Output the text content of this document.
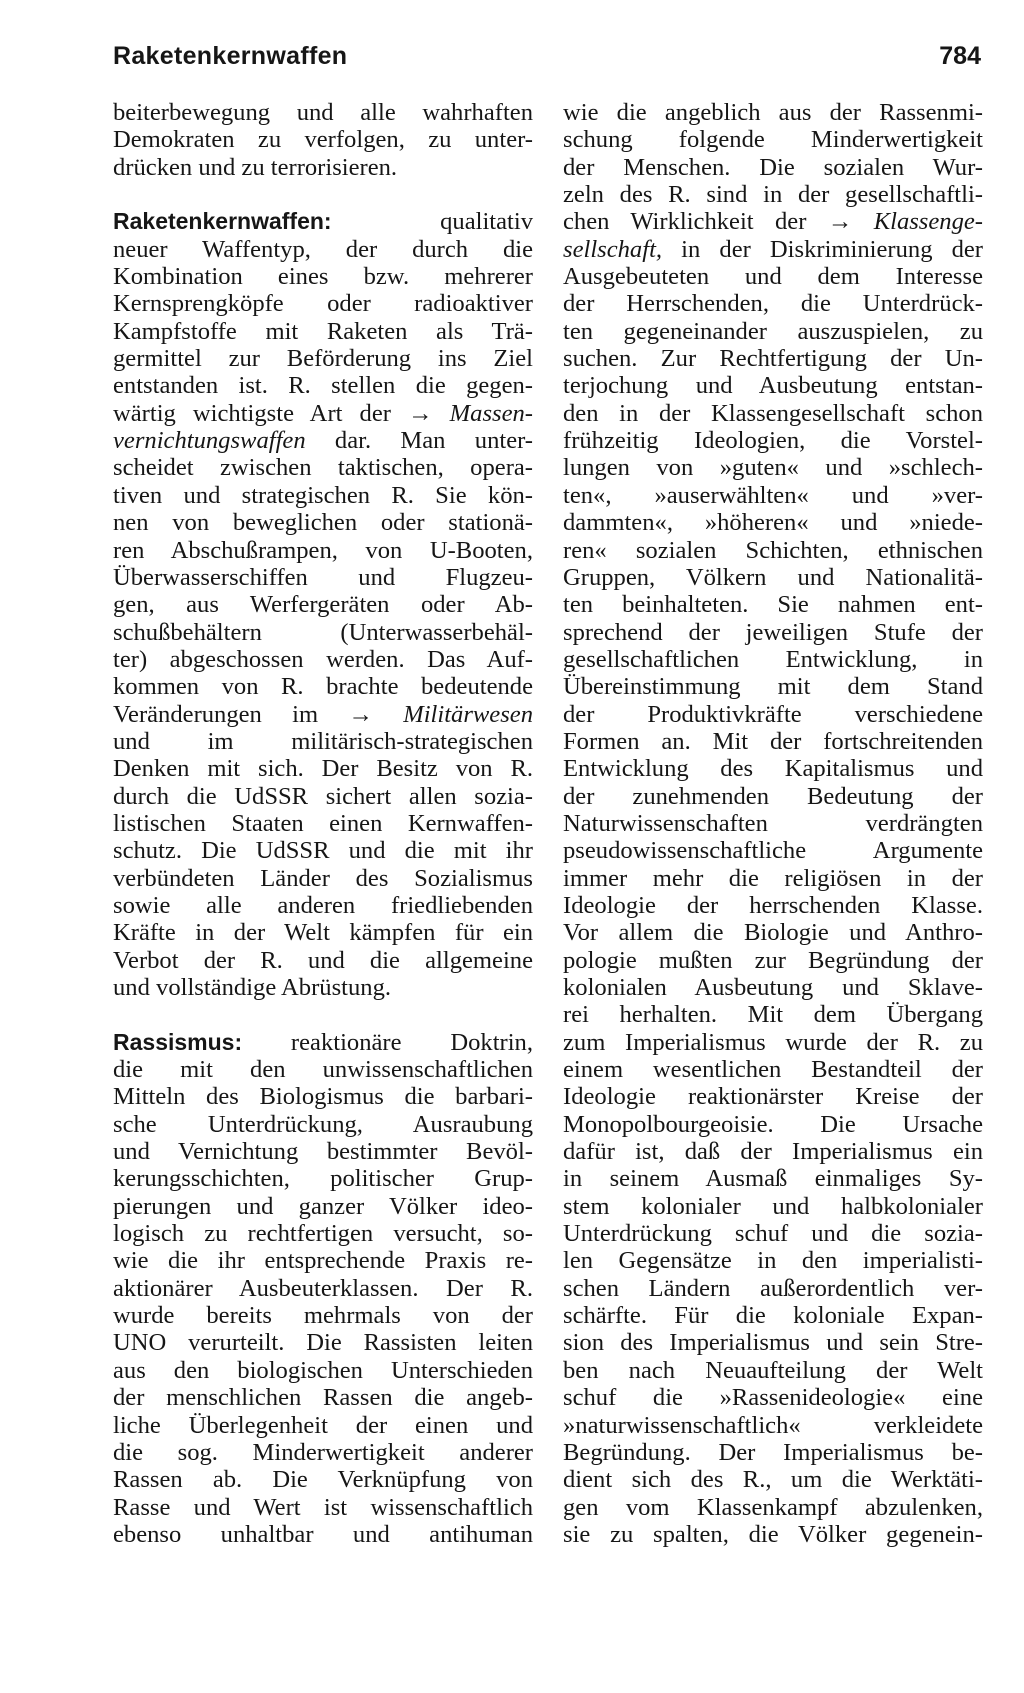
Raketenkernwaffen	784
beiterbewegung und alle wahrhaften
Demokraten zu verfolgen, zu unter-
drücken und zu terrorisieren.
Raketenkernwaffen: qualitativ
neuer Waffentyp, der durch die
Kombination eines bzw. mehrerer
Kernsprengköpfe oder radioaktiver
Kampfstoffe mit Raketen als Trä-
germittel zur Beförderung ins Ziel
entstanden ist. R. stellen die gegen-
wärtig wichtigste Art der → Massen-
vernichtungswaffen dar. Man unter-
scheidet zwischen taktischen, opera-
tiven und strategischen R. Sie kön-
nen von beweglichen oder stationä-
ren Abschußrampen, von U-Booten,
Überwasserschiffen und Flugzeu-
gen, aus Werfergeräten oder Ab-
schußbehältern (Unterwasserbehäl-
ter) abgeschossen werden. Das Auf-
kommen von R. brachte bedeutende
Veränderungen im → Militärwesen
und im militärisch-strategischen
Denken mit sich. Der Besitz von R.
durch die UdSSR sichert allen sozia-
listischen Staaten einen Kernwaffen-
schutz. Die UdSSR und die mit ihr
verbündeten Länder des Sozialismus
sowie alle anderen friedliebenden
Kräfte in der Welt kämpfen für ein
Verbot der R. und die allgemeine
und vollständige Abrüstung.
Rassismus: reaktionäre Doktrin,
die mit den unwissenschaftlichen
Mitteln des Biologismus die barbari-
sche Unterdrückung, Ausraubung
und Vernichtung bestimmter Bevöl-
kerungsschichten, politischer Grup-
pierungen und ganzer Völker ideo-
logisch zu rechtfertigen versucht, so-
wie die ihr entsprechende Praxis re-
aktionärer Ausbeuterklassen. Der R.
wurde bereits mehrmals von der
UNO verurteilt. Die Rassisten leiten
aus den biologischen Unterschieden
der menschlichen Rassen die angeb-
liche Überlegenheit der einen und
die sog. Minderwertigkeit anderer
Rassen ab. Die Verknüpfung von
Rasse und Wert ist wissenschaftlich
ebenso unhaltbar und antihuman
wie die angeblich aus der Rassenmi-
schung folgende Minderwertigkeit
der Menschen. Die sozialen Wur-
zeln des R. sind in der gesellschaftli-
chen Wirklichkeit der → Klassenge-
sellschaft, in der Diskriminierung der
Ausgebeuteten und dem Interesse
der Herrschenden, die Unterdrück-
ten gegeneinander auszuspielen, zu
suchen. Zur Rechtfertigung der Un-
terjochung und Ausbeutung entstan-
den in der Klassengesellschaft schon
frühzeitig Ideologien, die Vorstel-
lungen von »guten« und »schlech-
ten«, »auserwählten« und »ver-
dammten«, »höheren« und »niede-
ren« sozialen Schichten, ethnischen
Gruppen, Völkern und Nationalitä-
ten beinhalteten. Sie nahmen ent-
sprechend der jeweiligen Stufe der
gesellschaftlichen Entwicklung, in
Übereinstimmung mit dem Stand
der Produktivkräfte verschiedene
Formen an. Mit der fortschreitenden
Entwicklung des Kapitalismus und
der zunehmenden Bedeutung der
Naturwissenschaften verdrängten
pseudowissenschaftliche Argumente
immer mehr die religiösen in der
Ideologie der herrschenden Klasse.
Vor allem die Biologie und Anthro-
pologie mußten zur Begründung der
kolonialen Ausbeutung und Sklave-
rei herhalten. Mit dem Übergang
zum Imperialismus wurde der R. zu
einem wesentlichen Bestandteil der
Ideologie reaktionärster Kreise der
Monopolbourgeoisie. Die Ursache
dafür ist, daß der Imperialismus ein
in seinem Ausmaß einmaliges Sy-
stem kolonialer und halbkolonialer
Unterdrückung schuf und die sozia-
len Gegensätze in den imperialisti-
schen Ländern außerordentlich ver-
schärfte. Für die koloniale Expan-
sion des Imperialismus und sein Stre-
ben nach Neuaufteilung der Welt
schuf die »Rassenideologie« eine
»naturwissenschaftlich« verkleidete
Begründung. Der Imperialismus be-
dient sich des R., um die Werktäti-
gen vom Klassenkampf abzulenken,
sie zu spalten, die Völker gegenein-
